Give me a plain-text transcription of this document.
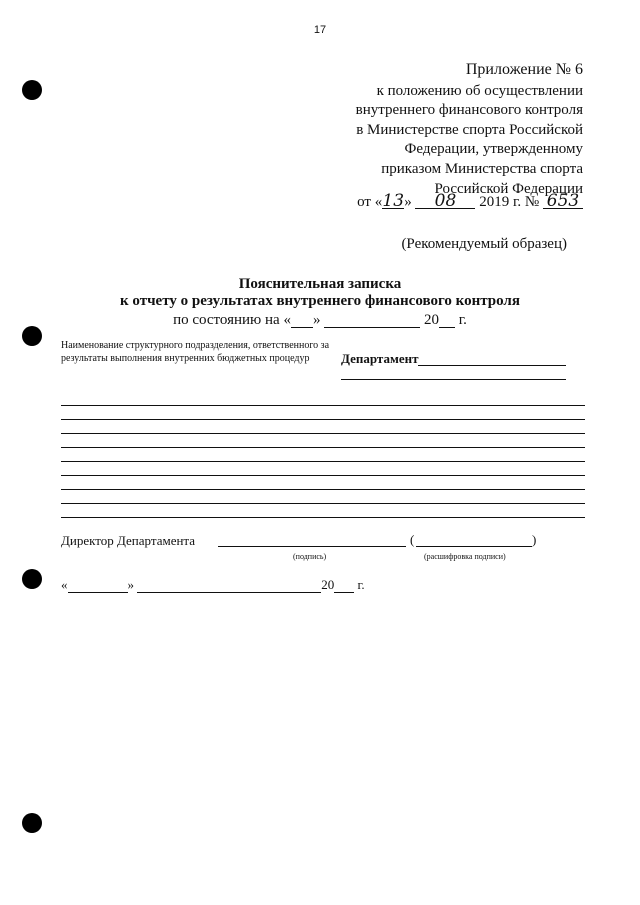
17
Приложение № 6
к положению об осуществлении
внутреннего финансового контроля
в Министерстве спорта Российской
Федерации, утвержденному
приказом Министерства спорта
Российской Федерации
от «13» 08 2019 г. № 653
(Рекомендуемый образец)
Пояснительная записка
к отчету о результатах внутреннего финансового контроля
по состоянию на « »	20 г.
Наименование структурного подразделения, ответственного за результаты выполнения внутренних бюджетных процедур	Департамент
Директор Департамента	(	)
(подпись)	(расшифровка подписи)
«	»	20 г.
